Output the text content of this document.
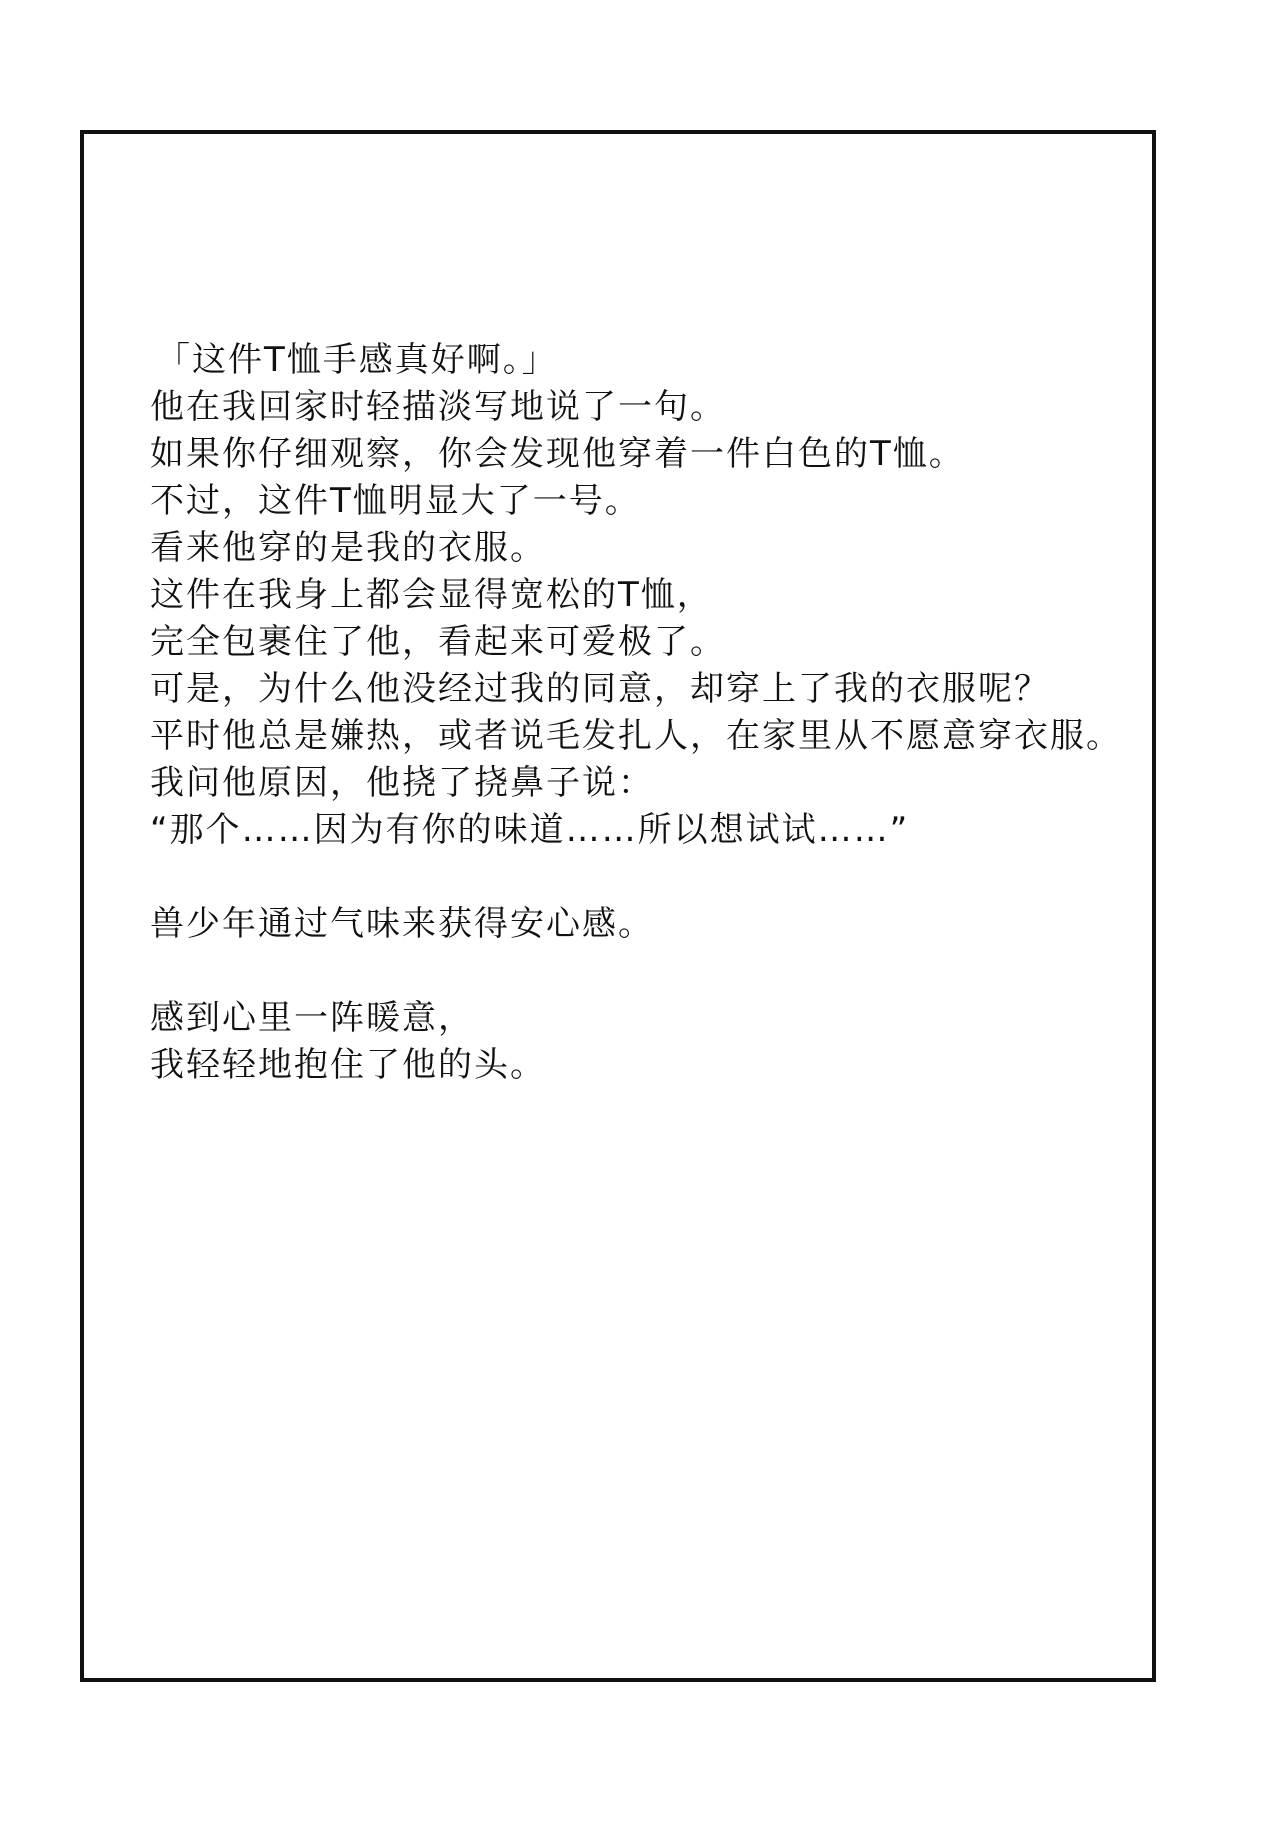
「这件T恤手感真好啊。」
他在我回家时轻描淡写地说了一句。
如果你仔细观察，你会发现他穿着一件白色的T恤。
不过，这件T恤明显大了一号。
看来他穿的是我的衣服。
这件在我身上都会显得宽松的T恤，
完全包裹住了他，看起来可爱极了。
可是，为什么他没经过我的同意，却穿上了我的衣服呢？
平时他总是嫌热，或者说毛发扎人，在家里从不愿意穿衣服。
我问他原因，他挠了挠鼻子说：
“那个……因为有你的味道……所以想试试……”
兽少年通过气味来获得安心感。
感到心里一阵暖意，
我轻轻地抱住了他的头。
